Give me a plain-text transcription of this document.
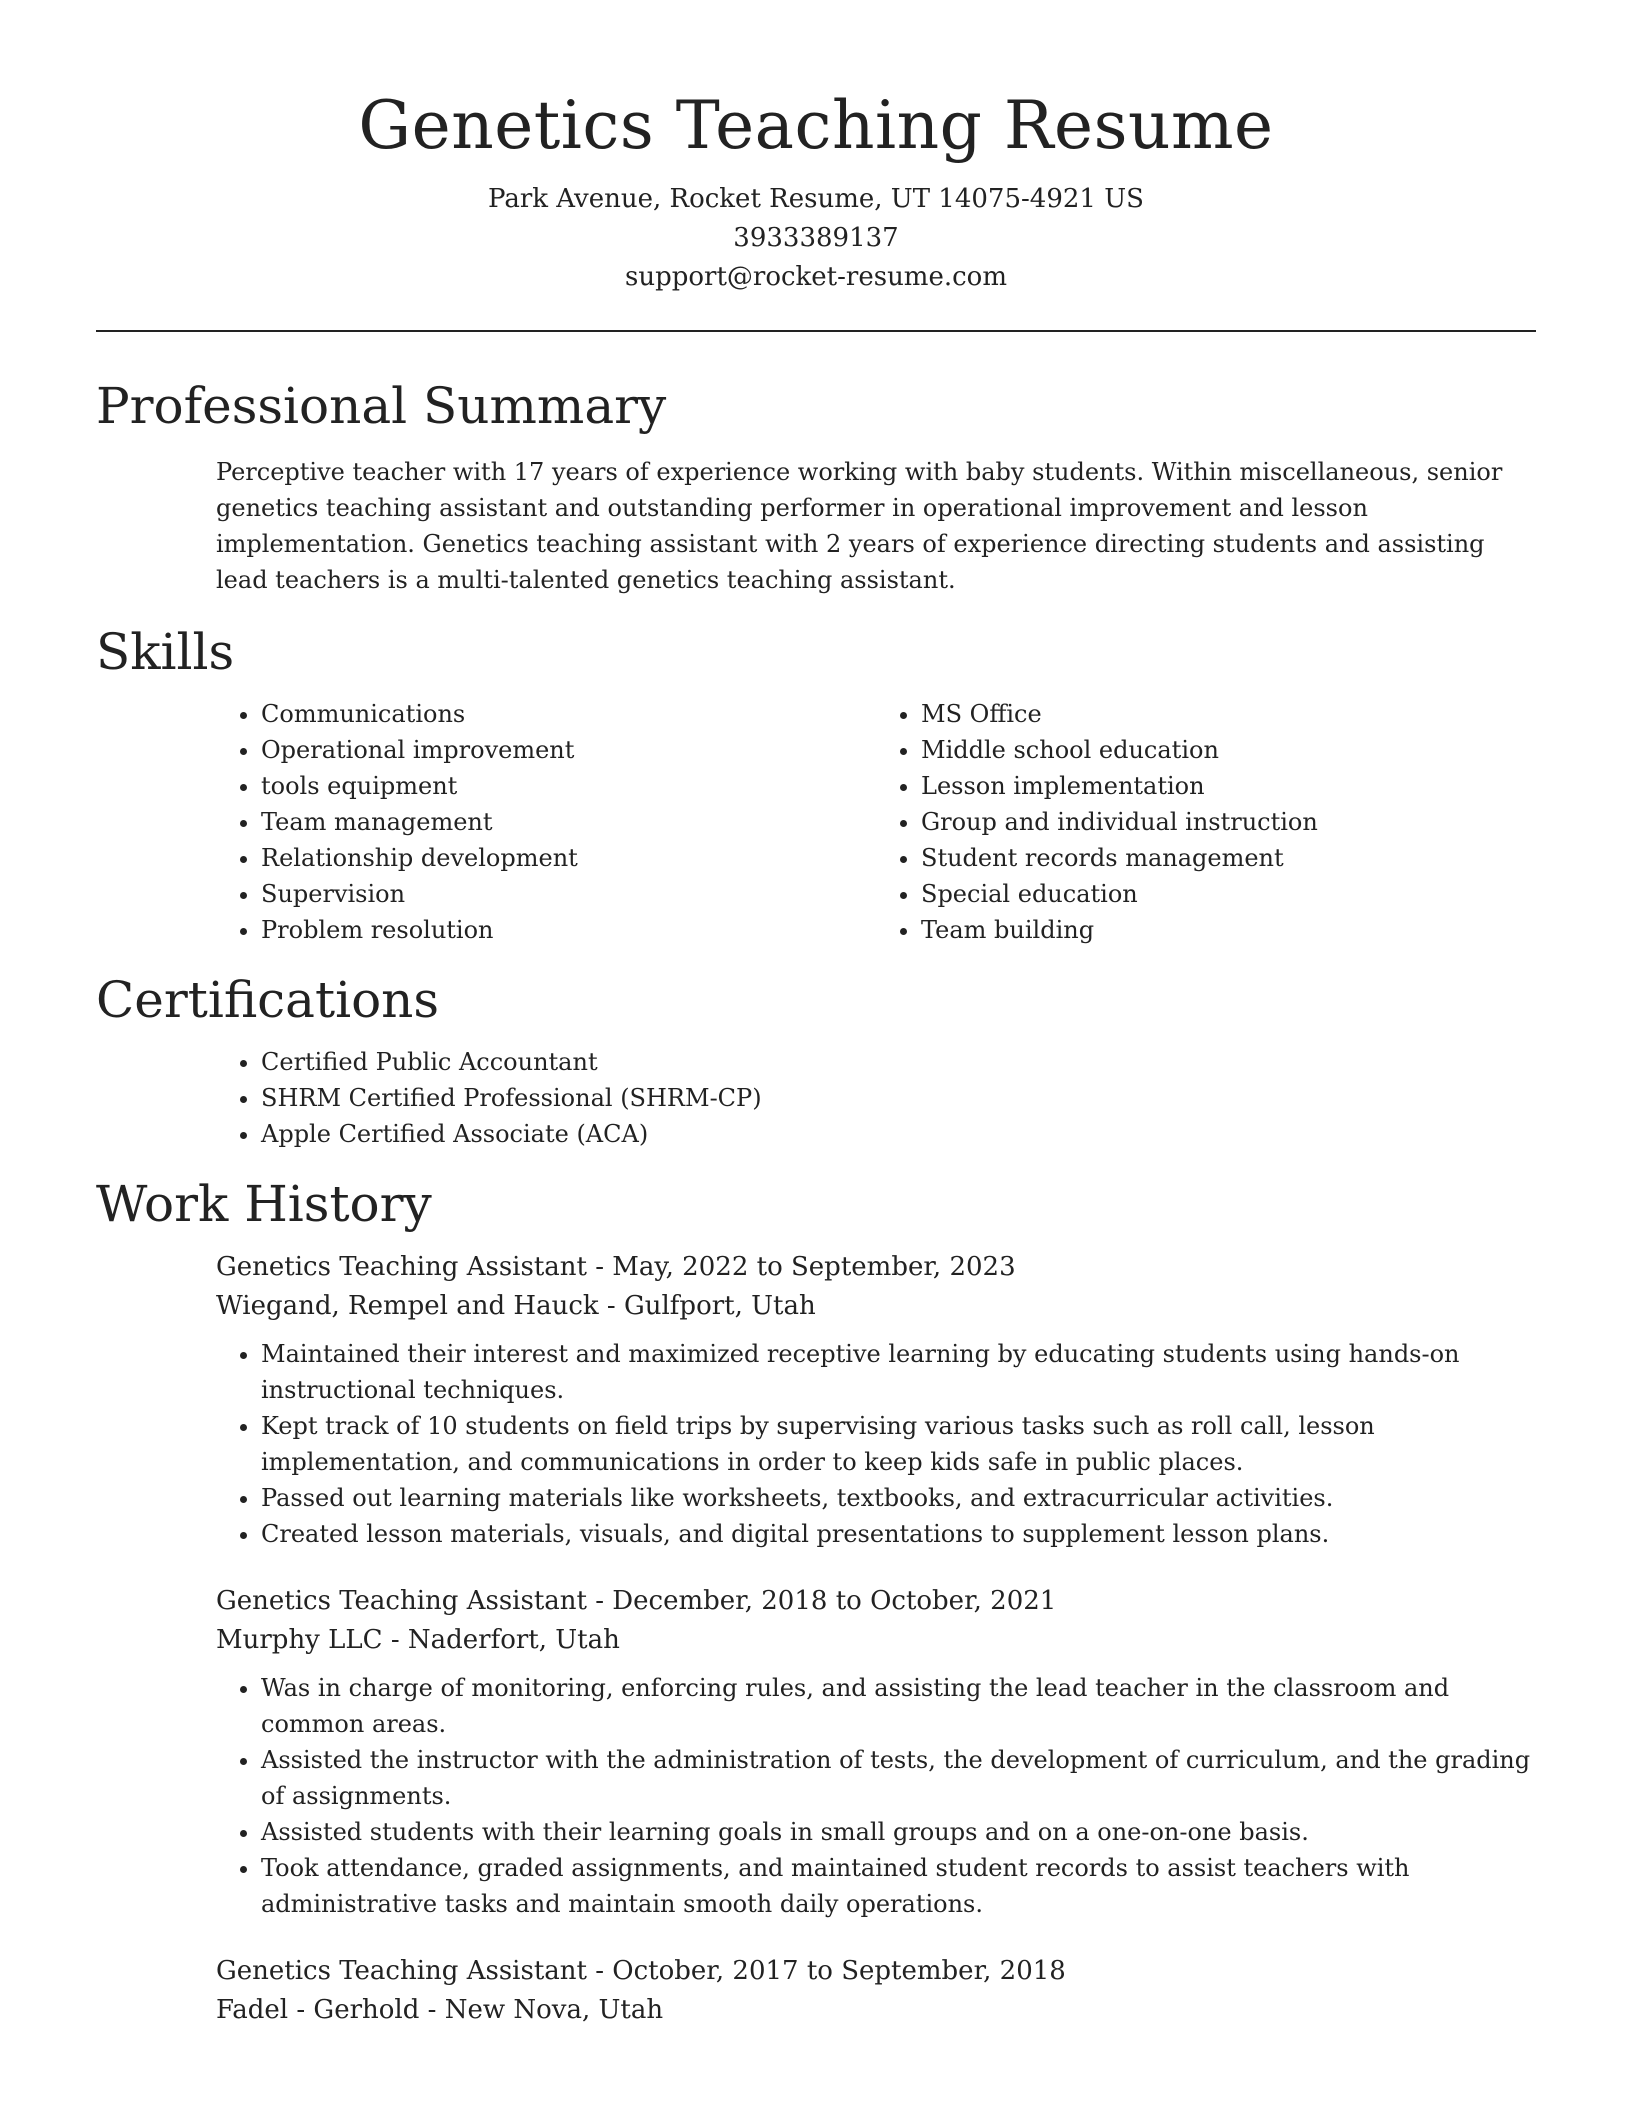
Genetics Teaching Resume
Park Avenue, Rocket Resume, UT 14075-4921 US
3933389137
support@rocket-resume.com
Professional Summary

Perceptive teacher with 17 years of experience working with baby students. Within miscellaneous, senior genetics teaching assistant and outstanding performer in operational improvement and lesson implementation. Genetics teaching assistant with 2 years of experience directing students and assisting lead teachers is a multi-talented genetics teaching assistant.

Skills
• Communications
• Operational improvement
• tools equipment
• Team management
• Relationship development
• Supervision
• Problem resolution
• MS Office
• Middle school education
• Lesson implementation
• Group and individual instruction
• Student records management
• Special education
• Team building
Certifications
• Certified Public Accountant
• SHRM Certified Professional (SHRM-CP)
• Apple Certified Associate (ACA)
Work History
Genetics Teaching Assistant - May, 2022 to September, 2023
Wiegand, Rempel and Hauck - Gulfport, Utah
• Maintained their interest and maximized receptive learning by educating students using hands-on instructional techniques.
• Kept track of 10 students on field trips by supervising various tasks such as roll call, lesson implementation, and communications in order to keep kids safe in public places.
• Passed out learning materials like worksheets, textbooks, and extracurricular activities.
• Created lesson materials, visuals, and digital presentations to supplement lesson plans.
Genetics Teaching Assistant - December, 2018 to October, 2021
Murphy LLC - Naderfort, Utah
• Was in charge of monitoring, enforcing rules, and assisting the lead teacher in the classroom and common areas.
• Assisted the instructor with the administration of tests, the development of curriculum, and the grading of assignments.
• Assisted students with their learning goals in small groups and on a one-on-one basis.
• Took attendance, graded assignments, and maintained student records to assist teachers with administrative tasks and maintain smooth daily operations.
Genetics Teaching Assistant - October, 2017 to September, 2018
Fadel - Gerhold - New Nova, Utah
